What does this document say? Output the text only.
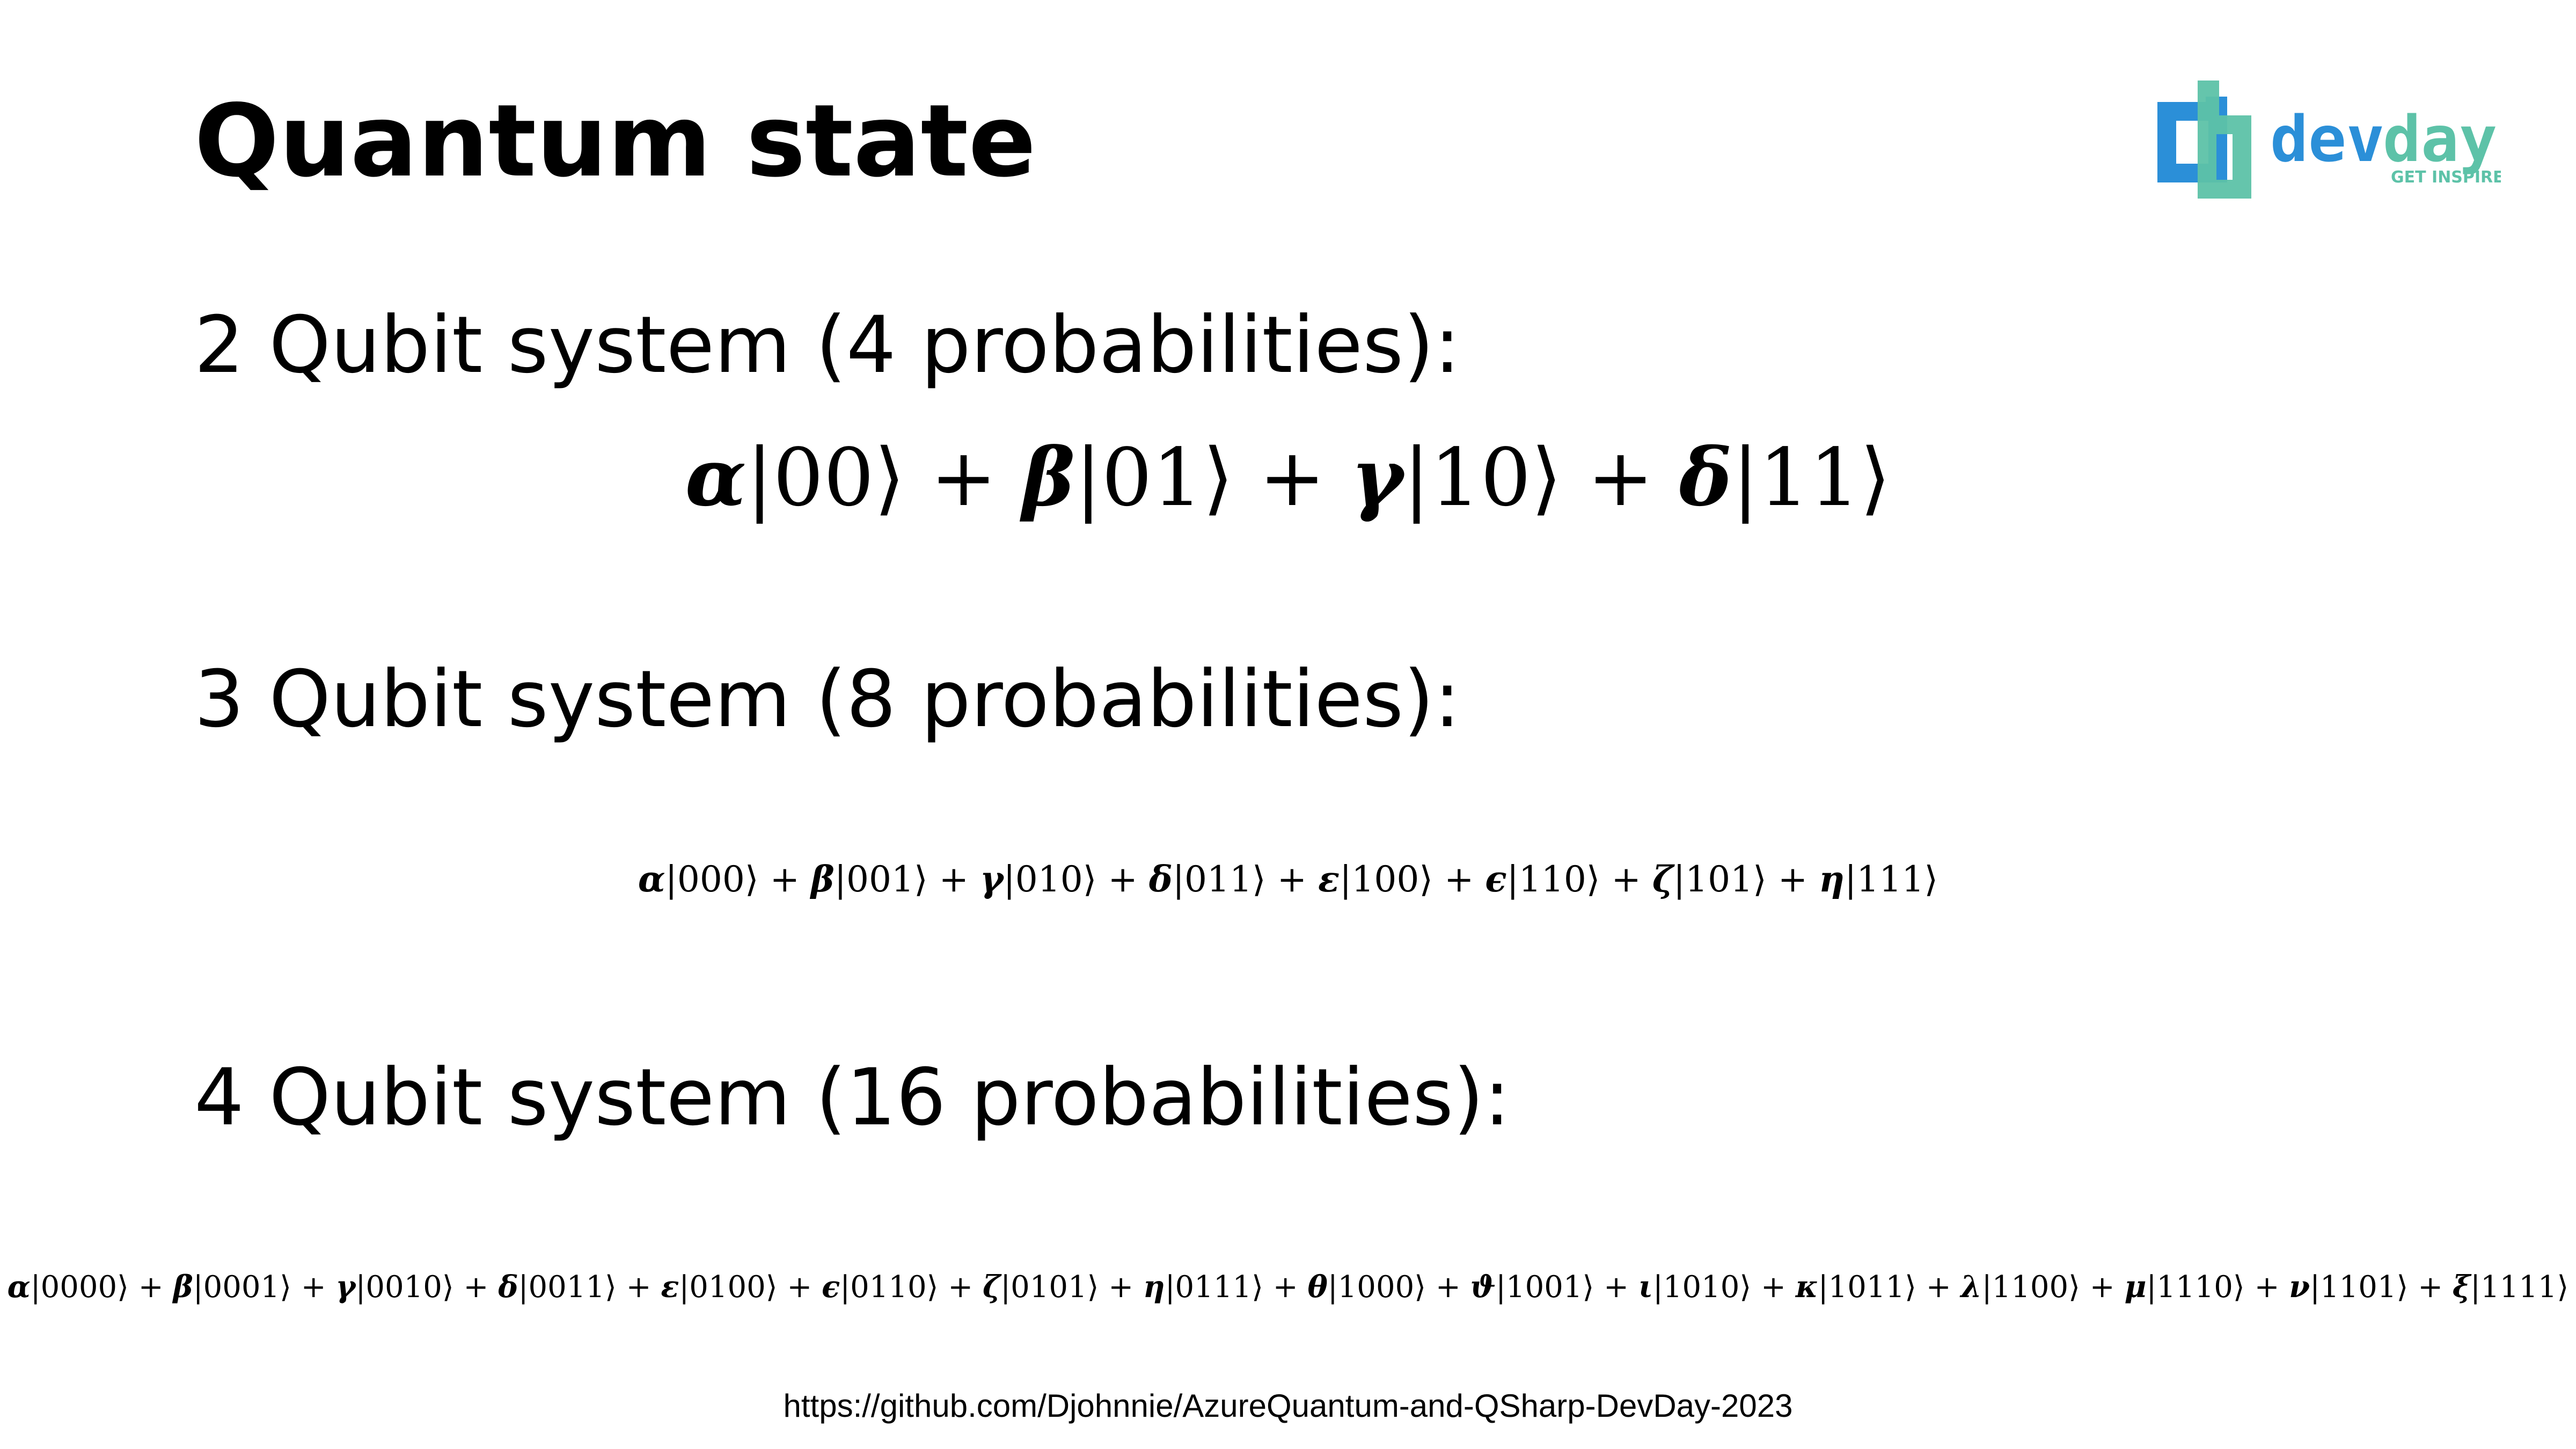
Quantum state	dev
day
GET INSPIRE
2 Qubit system (4 probabilities):
α|00⟩ + β|01⟩ + γ|10⟩ + δ|11⟩
3 Qubit system (8 probabilities):
α|000⟩ + β|001⟩ + γ|010⟩ + δ|011⟩ + ε|100⟩ + ϵ|110⟩ + ζ|101⟩ + η|111⟩
4 Qubit system (16 probabilities):
α|0000⟩ + β|0001⟩ + γ|0010⟩ + δ|0011⟩ + ε|0100⟩ + ϵ|0110⟩ + ζ|0101⟩ + η|0111⟩ + θ|1000⟩ + ϑ|1001⟩ + ι|1010⟩ + κ|1011⟩ + λ|1100⟩ + μ|1110⟩ + ν|1101⟩ + ξ|1111⟩
https://github.com/Djohnnie/AzureQuantum-and-QSharp-DevDay-2023
